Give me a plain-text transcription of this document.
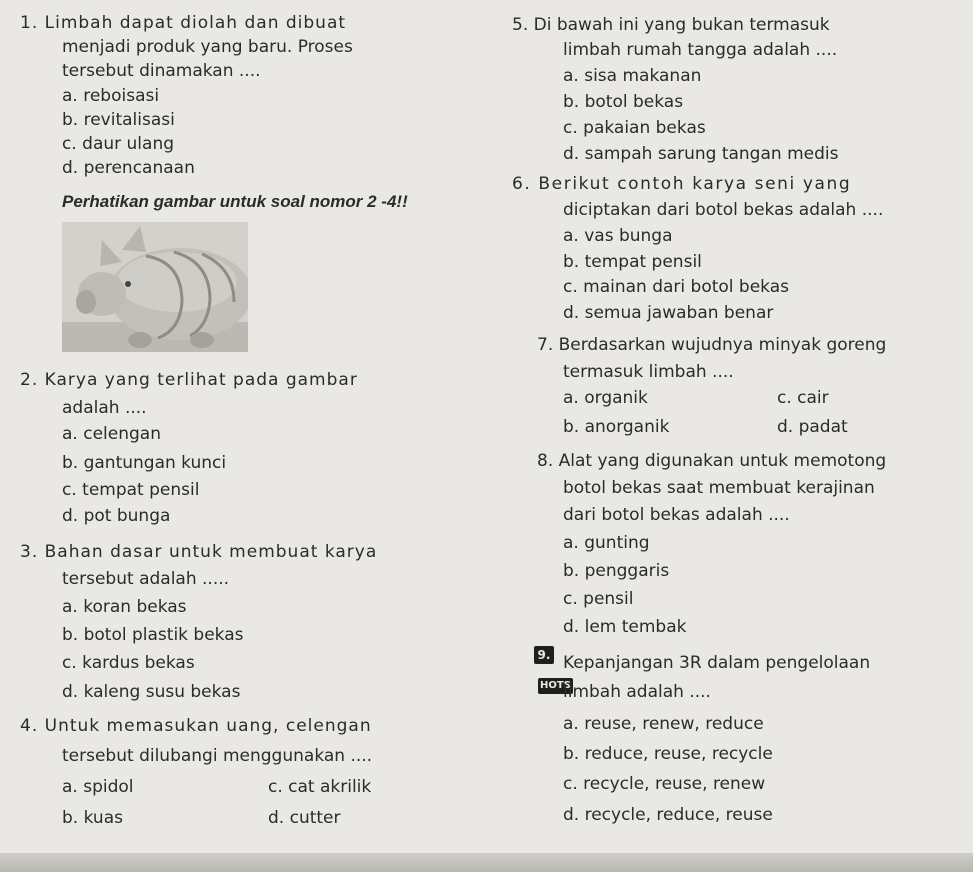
1. Limbah dapat diolah dan dibuat
menjadi produk yang baru. Proses
tersebut dinamakan ....
a. reboisasi
b. revitalisasi
c. daur ulang
d. perencanaan
Perhatikan gambar untuk soal nomor 2 -4!!
2. Karya yang terlihat pada gambar
adalah ....
a. celengan
b. gantungan kunci
c. tempat pensil
d. pot bunga
3. Bahan dasar untuk membuat karya
tersebut adalah .....
a. koran bekas
b. botol plastik bekas
c. kardus bekas
d. kaleng susu bekas
4. Untuk memasukan uang, celengan
tersebut dilubangi menggunakan ....
a. spidol	c. cat akrilik
b. kuas	d. cutter
5. Di bawah ini yang bukan termasuk
limbah rumah tangga adalah ....
a. sisa makanan
b. botol bekas
c. pakaian bekas
d. sampah sarung tangan medis
6. Berikut contoh karya seni yang
diciptakan dari botol bekas adalah ....
a. vas bunga
b. tempat pensil
c. mainan dari botol bekas
d. semua jawaban benar
7. Berdasarkan wujudnya minyak goreng
termasuk limbah ....
a. organik	c. cair
b. anorganik	d. padat
8. Alat yang digunakan untuk memotong
botol bekas saat membuat kerajinan
dari botol bekas adalah ....
a. gunting
b. penggaris
c. pensil
d. lem tembak
9.
HOTS
Kepanjangan 3R dalam pengelolaan
limbah adalah ....
a. reuse, renew, reduce
b. reduce, reuse, recycle
c. recycle, reuse, renew
d. recycle, reduce, reuse
